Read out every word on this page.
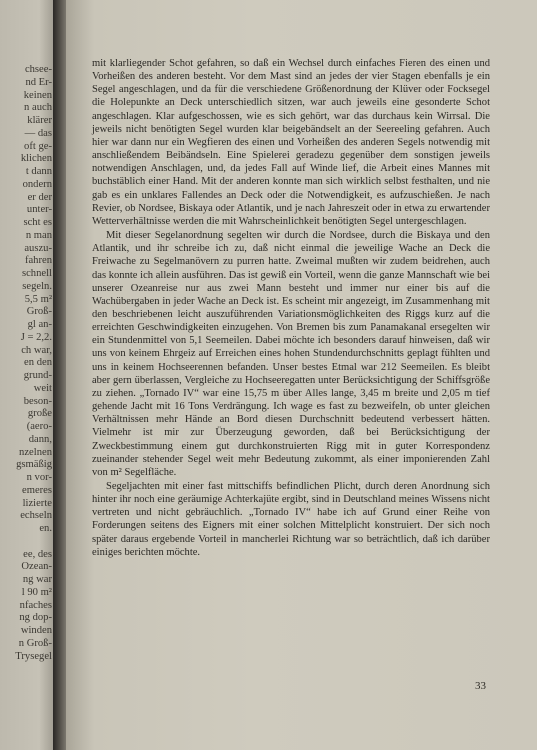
chsee-
nd Er-
keinen
n auch
klärer
— das
oft ge-
klichen
t dann
ondern
er der
unter-
scht es
n man
auszu-
fahren
schnell
segeln.
5,5 m²
Groß-
gl an-
J = 2,2.
ch war,
en den
grund-
weit
beson-
große
(aero-
dann,
nzelnen
gsmäßig
n vor-
emeres
lizierte
echseln
en.
ee, des
Ozean-
ng war
l 90 m²
nfaches
ng dop-
winden
n Groß-
Trysegel

mit klarliegender Schot gefahren, so daß ein Wechsel durch einfaches Fieren des einen und Vorheißen des anderen besteht. Vor dem Mast sind an jedes der vier Stagen ebenfalls je ein Segel angeschlagen, und da für die verschiedene Größenordnung der Klüver oder Focksegel die Holepunkte an Deck unterschiedlich sitzen, war auch jeweils eine gesonderte Schot angeschlagen. Klar aufgeschossen, wie es sich gehört, war das durchaus kein Wirrsal. Die jeweils nicht benötigten Segel wurden klar beigebändselt an der Seereeling gefahren. Auch hier war dann nur ein Wegfieren des einen und Vorheißen des anderen Segels notwendig mit anschließendem Beibändseln. Eine Spielerei geradezu gegenüber dem sonstigen jeweils notwendigen Anschlagen, und, da jedes Fall auf Winde lief, die Arbeit eines Mannes mit buchstäblich einer Hand. Mit der anderen konnte man sich wirklich selbst festhalten, und nie gab es ein unklares Fallendes an Deck oder die Notwendigkeit, es aufzuschießen. Je nach Revier, ob Nordsee, Biskaya oder Atlantik, und je nach Jahreszeit oder in etwa zu erwartender Wetterverhältnisse werden die mit Wahrscheinlichkeit benötigten Segel untergeschlagen.

Mit dieser Segelanordnung segelten wir durch die Nordsee, durch die Biskaya und den Atlantik, und ihr schreibe ich zu, daß nicht einmal die jeweilige Wache an Deck die Freiwache zu Segelmanövern zu purren hatte. Zweimal mußten wir zudem beidrehen, auch das konnte ich allein ausführen. Das ist gewiß ein Vorteil, wenn die ganze Mannschaft wie bei unserer Ozeanreise nur aus zwei Mann besteht und immer nur einer bis auf die Wachübergaben in jeder Wache an Deck ist. Es scheint mir angezeigt, im Zusammenhang mit den beschriebenen leicht auszuführenden Variationsmöglichkeiten des Riggs kurz auf die erreichten Geschwindigkeiten einzugehen. Von Bremen bis zum Panamakanal ersegelten wir ein Stundenmittel von 5,1 Seemeilen. Dabei möchte ich besonders darauf hinweisen, daß wir uns von keinem Ehrgeiz auf Erreichen eines hohen Stundendurchschnitts geplagt fühlten und uns in keinem Hochseerennen befanden. Unser bestes Etmal war 212 Seemeilen. Es bleibt aber gern überlassen, Vergleiche zu Hochseeregatten unter Berücksichtigung der Schiffsgröße zu ziehen. „Tornado IV“ war eine 15,75 m über Alles lange, 3,45 m breite und 2,05 m tief gehende Jacht mit 16 Tons Verdrängung. Ich wage es fast zu bezweifeln, ob unter gleichen Verhältnissen mehr Hände an Bord diesen Durchschnitt bedeutend verbessert hätten. Vielmehr ist mir zur Überzeugung geworden, daß bei Berücksichtigung der Zweckbestimmung einem gut durchkonstruierten Rigg mit in guter Korrespondenz zueinander stehender Segel weit mehr Bedeutung zukommt, als einer imponierenden Zahl von m² Segelfläche.

Segeljachten mit einer fast mittschiffs befindlichen Plicht, durch deren Anordnung sich hinter ihr noch eine geräumige Achterkajüte ergibt, sind in Deutschland meines Wissens nicht vertreten und nicht gebräuchlich. „Tornado IV“ habe ich auf Grund einer Reihe von Forderungen seitens des Eigners mit einer solchen Mittelplicht konstruiert. Der sich noch später daraus ergebende Vorteil in mancherlei Richtung war so beträchtlich, daß ich darüber einiges berichten möchte.

33
